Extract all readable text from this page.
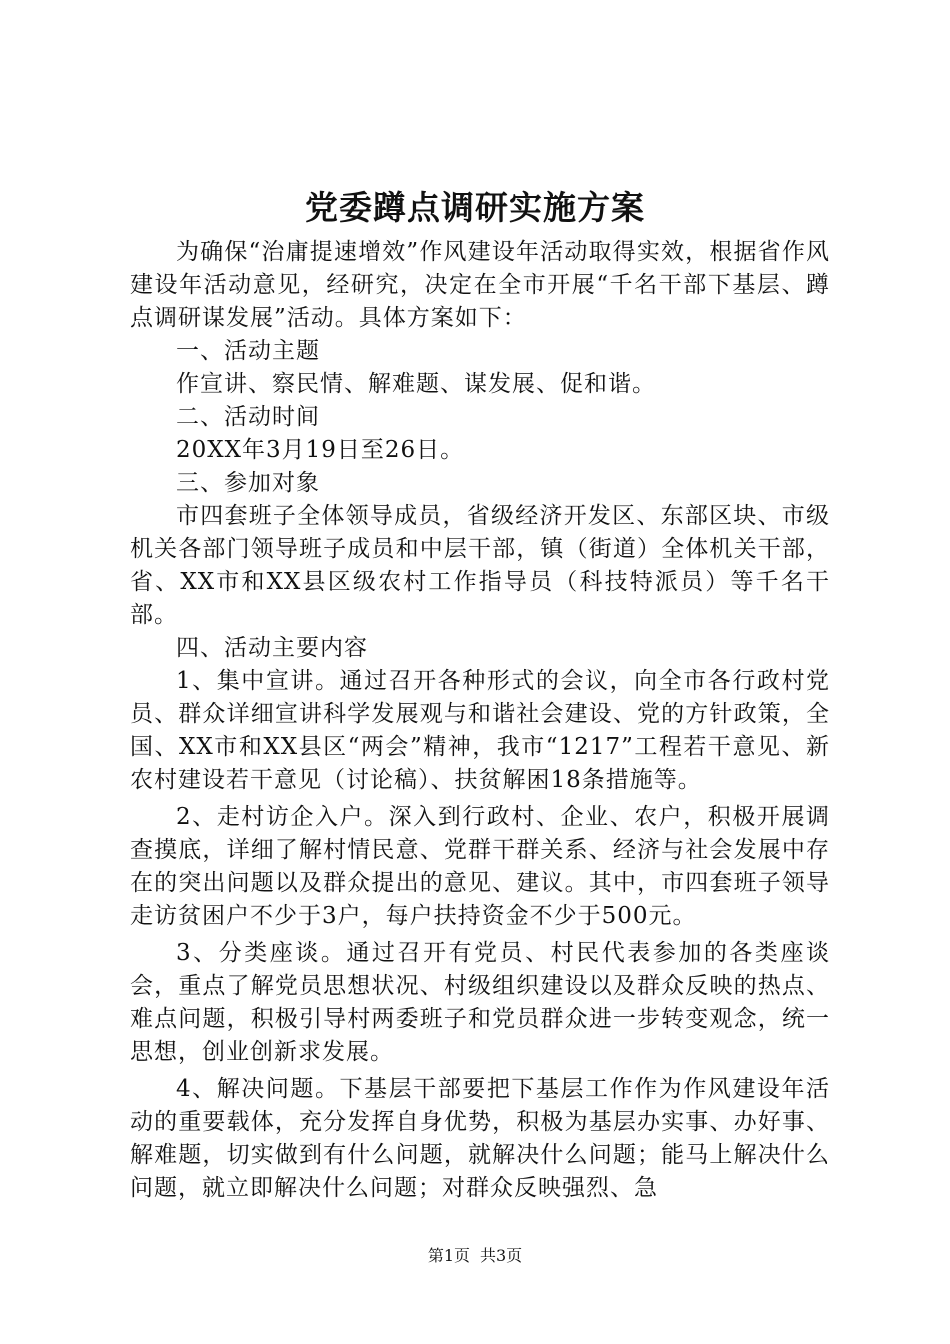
党委蹲点调研实施方案

为确保“治庸提速增效”作风建设年活动取得实效，根据省作风建设年活动意见，经研究，决定在全市开展“千名干部下基层、蹲点调研谋发展”活动。具体方案如下：

一、活动主题

作宣讲、察民情、解难题、谋发展、促和谐。

二、活动时间

20XX年3月19日至26日。

三、参加对象

市四套班子全体领导成员，省级经济开发区、东部区块、市级机关各部门领导班子成员和中层干部，镇（街道）全体机关干部，省、XX市和XX县区级农村工作指导员（科技特派员）等千名干部。

四、活动主要内容

1、集中宣讲。通过召开各种形式的会议，向全市各行政村党员、群众详细宣讲科学发展观与和谐社会建设、党的方针政策，全国、XX市和XX县区“两会”精神，我市“1217”工程若干意见、新农村建设若干意见（讨论稿）、扶贫解困18条措施等。

2、走村访企入户。深入到行政村、企业、农户，积极开展调查摸底，详细了解村情民意、党群干群关系、经济与社会发展中存在的突出问题以及群众提出的意见、建议。其中，市四套班子领导走访贫困户不少于3户，每户扶持资金不少于500元。

3、分类座谈。通过召开有党员、村民代表参加的各类座谈会，重点了解党员思想状况、村级组织建设以及群众反映的热点、难点问题，积极引导村两委班子和党员群众进一步转变观念，统一思想，创业创新求发展。

4、解决问题。下基层干部要把下基层工作作为作风建设年活动的重要载体，充分发挥自身优势，积极为基层办实事、办好事、解难题，切实做到有什么问题，就解决什么问题；能马上解决什么问题，就立即解决什么问题；对群众反映强烈、急

第1页 共3页
